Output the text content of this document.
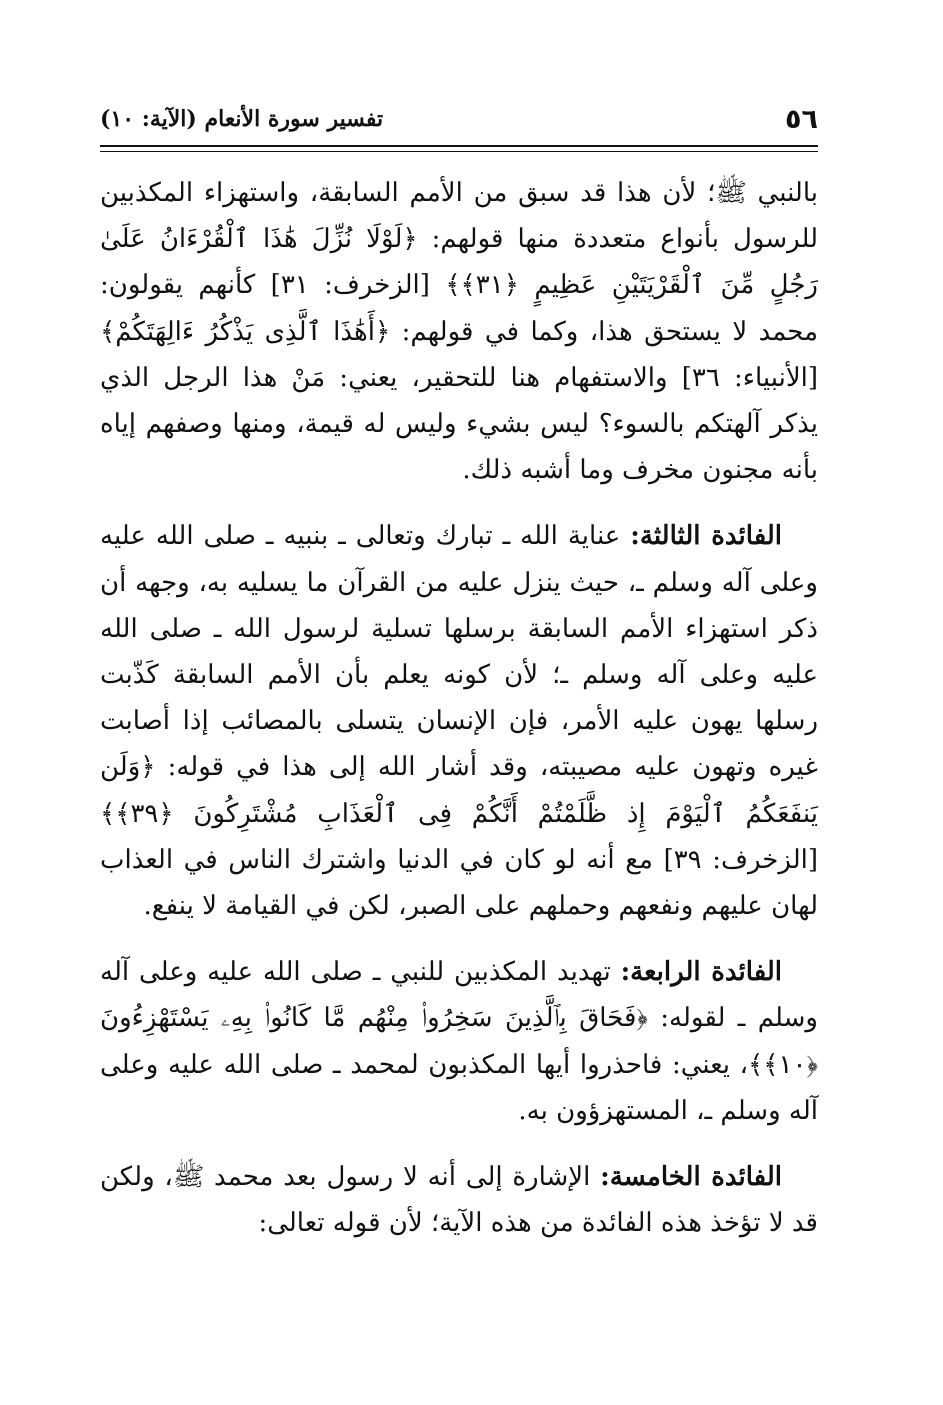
٥٦
تفسير سورة الأنعام (الآية: ١٠)

بالنبي ﷺ؛ لأن هذا قد سبق من الأمم السابقة، واستهزاء المكذبين للرسول بأنواع متعددة منها قولهم: ﴿لَوْلَا نُزِّلَ هَٰذَا ٱلْقُرْءَانُ عَلَىٰ رَجُلٍ مِّنَ ٱلْقَرْيَتَيْنِ عَظِيمٍ ﴿٣١﴾﴾ [الزخرف: ٣١] كأنهم يقولون: محمد لا يستحق هذا، وكما في قولهم: ﴿أَهَٰذَا ٱلَّذِى يَذْكُرُ ءَالِهَتَكُمْ﴾ [الأنبياء: ٣٦] والاستفهام هنا للتحقير، يعني: مَنْ هذا الرجل الذي يذكر آلهتكم بالسوء؟ ليس بشيء وليس له قيمة، ومنها وصفهم إياه بأنه مجنون مخرف وما أشبه ذلك.

الفائدة الثالثة: عناية الله ـ تبارك وتعالى ـ بنبيه ـ صلى الله عليه وعلى آله وسلم ـ، حيث ينزل عليه من القرآن ما يسليه به، وجهه أن ذكر استهزاء الأمم السابقة برسلها تسلية لرسول الله ـ صلى الله عليه وعلى آله وسلم ـ؛ لأن كونه يعلم بأن الأمم السابقة كَذّبت رسلها يهون عليه الأمر، فإن الإنسان يتسلى بالمصائب إذا أصابت غيره وتهون عليه مصيبته، وقد أشار الله إلى هذا في قوله: ﴿وَلَن يَنفَعَكُمُ ٱلْيَوْمَ إِذ ظَّلَمْتُمْ أَنَّكُمْ فِى ٱلْعَذَابِ مُشْتَرِكُونَ ﴿٣٩﴾﴾ [الزخرف: ٣٩] مع أنه لو كان في الدنيا واشترك الناس في العذاب لهان عليهم ونفعهم وحملهم على الصبر، لكن في القيامة لا ينفع.

الفائدة الرابعة: تهديد المكذبين للنبي ـ صلى الله عليه وعلى آله وسلم ـ لقوله: ﴿فَحَاقَ بِٱلَّذِينَ سَخِرُوا۟ مِنْهُم مَّا كَانُوا۟ بِهِۦ يَسْتَهْزِءُونَ ﴿١٠﴾﴾، يعني: فاحذروا أيها المكذبون لمحمد ـ صلى الله عليه وعلى آله وسلم ـ، المستهزؤون به.

الفائدة الخامسة: الإشارة إلى أنه لا رسول بعد محمد ﷺ، ولكن قد لا تؤخذ هذه الفائدة من هذه الآية؛ لأن قوله تعالى:
